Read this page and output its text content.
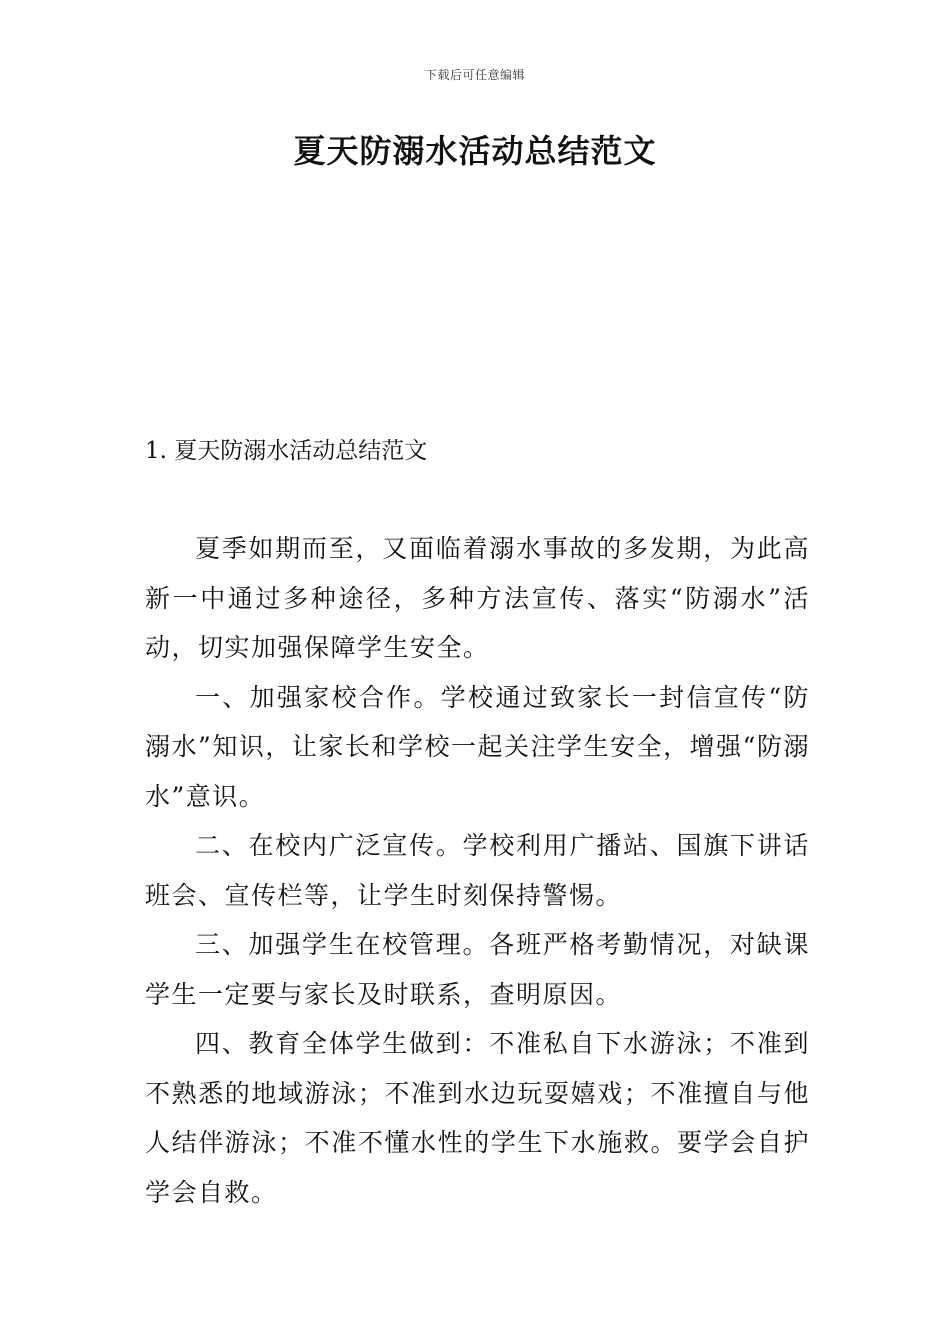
下载后可任意编辑
夏天防溺水活动总结范文
1. 夏天防溺水活动总结范文

夏季如期而至，又面临着溺水事故的多发期，为此高新一中通过多种途径，多种方法宣传、落实“防溺水”活动，切实加强保障学生安全。

一、加强家校合作。学校通过致家长一封信宣传“防溺水”知识，让家长和学校一起关注学生安全，增强“防溺水”意识。

二、在校内广泛宣传。学校利用广播站、国旗下讲话班会、宣传栏等，让学生时刻保持警惕。

三、加强学生在校管理。各班严格考勤情况，对缺课学生一定要与家长及时联系，查明原因。

四、教育全体学生做到：不准私自下水游泳；不准到不熟悉的地域游泳；不准到水边玩耍嬉戏；不准擅自与他人结伴游泳；不准不懂水性的学生下水施救。要学会自护学会自救。
